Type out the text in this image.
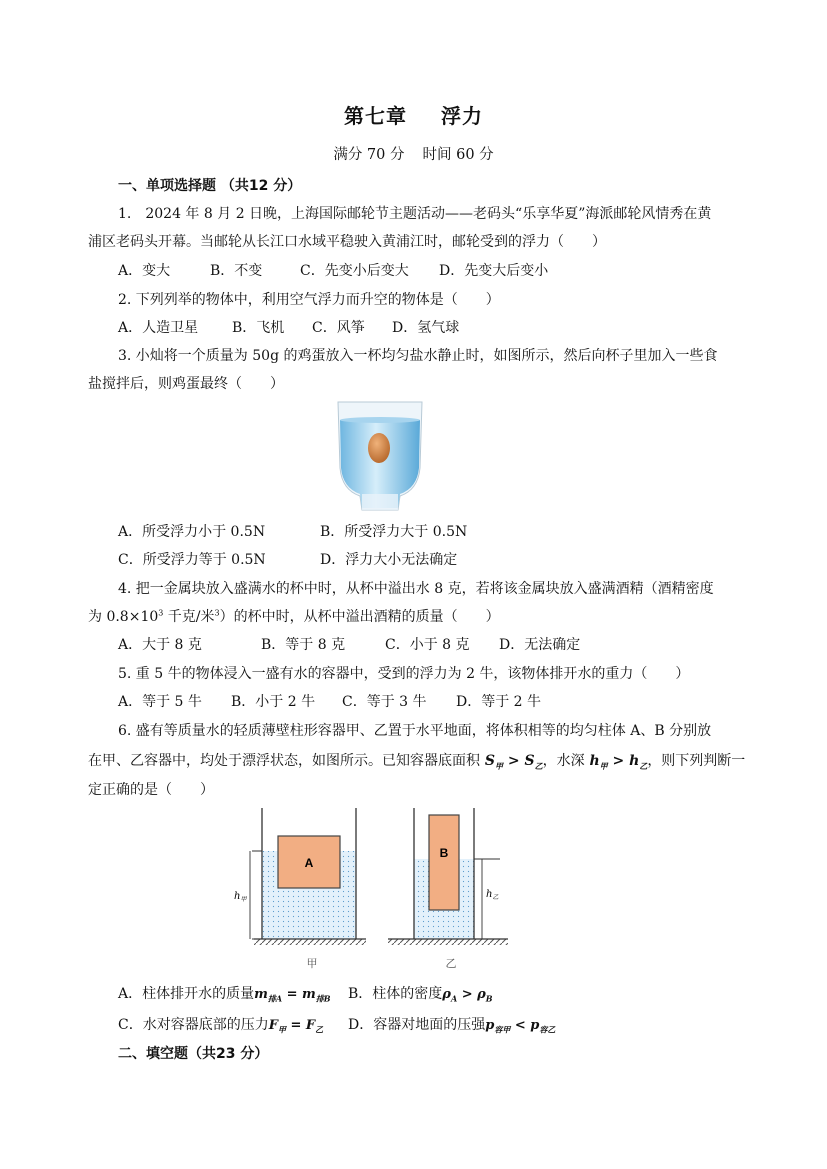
第七章 浮力
满分 70 分 时间 60 分
一、单项选择题 （共12 分）
1.　2024 年 8 月 2 日晚，上海国际邮轮节主题活动——老码头“乐享华夏”海派邮轮风情秀在黄
浦区老码头开幕。当邮轮从长江口水域平稳驶入黄浦江时，邮轮受到的浮力（　　）
A．变大	B．不变	C．先变小后变大 D．先变大后变小
2. 下列列举的物体中，利用空气浮力而升空的物体是（　　）
A．人造卫星 B．飞机 C．风筝 D．氢气球
3. 小灿将一个质量为 50g 的鸡蛋放入一杯均匀盐水静止时，如图所示，然后向杯子里加入一些食
盐搅拌后，则鸡蛋最终（　　）
A．所受浮力小于 0.5N	B．所受浮力大于 0.5N
C．所受浮力等于 0.5N	D．浮力大小无法确定
4. 把一金属块放入盛满水的杯中时，从杯中溢出水 8 克，若将该金属块放入盛满酒精（酒精密度
为 $0.8\times 10^3$ 千克/米$^3$）的杯中时，从杯中溢出酒精的质量（　　）
A．大于 8 克	B．等于 8 克	C．小于 8 克 D．无法确定
5. 重 5 牛的物体浸入一盛有水的容器中，受到的浮力为 2 牛，该物体排开水的重力（　　）
A．等于 5 牛 B．小于 2 牛 C．等于 3 牛 D．等于 2 牛
6. 盛有等质量水的轻质薄壁柱形容器甲、乙置于水平地面，将体积相等的均匀柱体 A、B 分别放
在甲、乙容器中，均处于漂浮状态，如图所示。已知容器底面积 $S_甲 > S_乙$，水深 $h_甲 > h_乙$，则下列判断一
定正确的是（　　）
A
$h_甲$
B
$h_乙$
甲	乙
A．柱体排开水的质量$m_{排A} = m_{排B}$ B．柱体的密度$\rho_A > \rho_B$
C．水对容器底部的压力$F_甲 = F_乙$ D．容器对地面的压强$p_{容甲} < p_{容乙}$
二、填空题（共23 分）
